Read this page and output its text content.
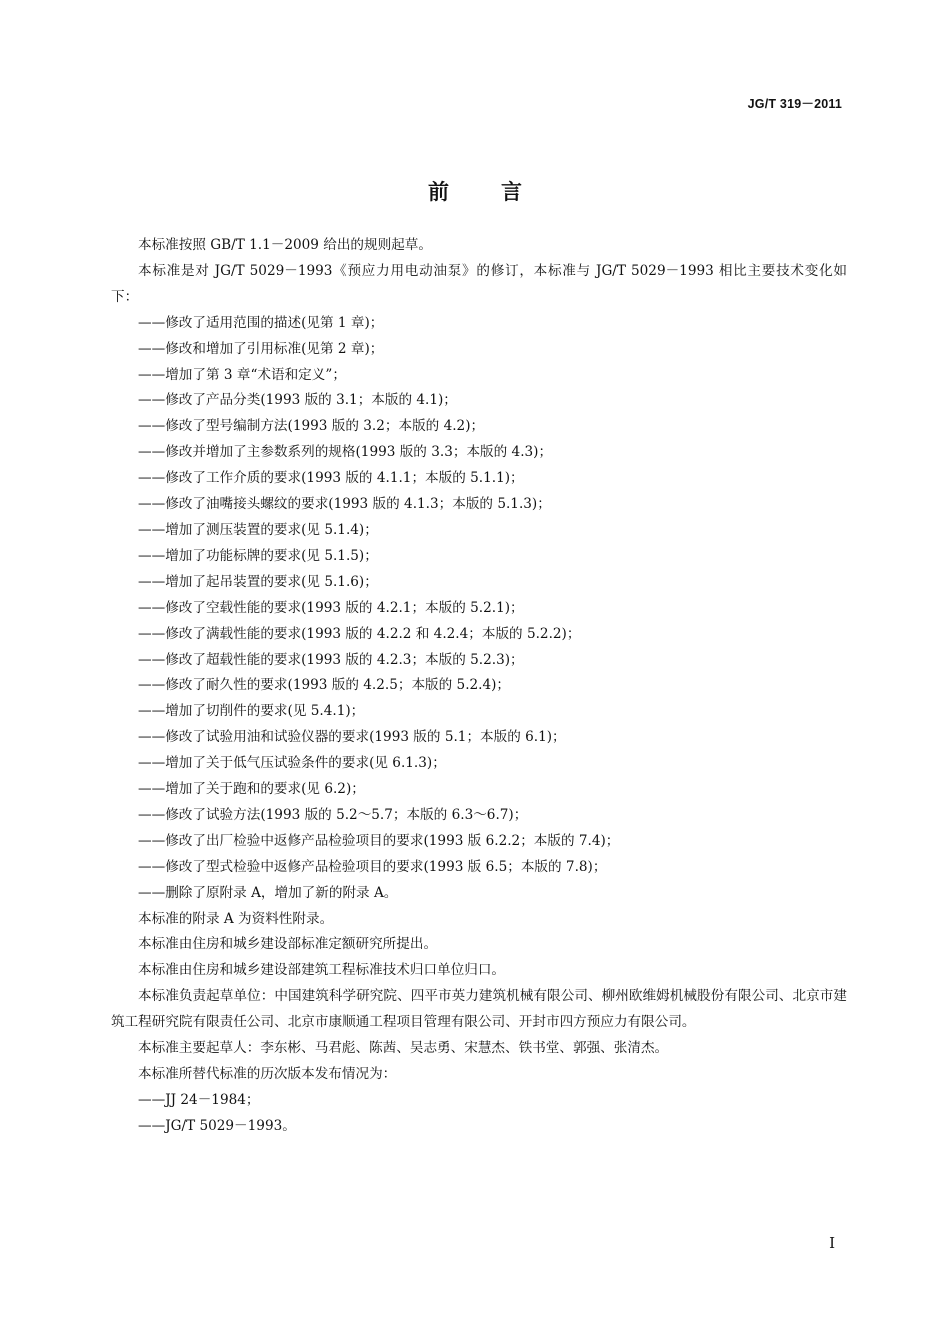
JG/T 319－2011
前言

本标准按照 GB/T 1.1－2009 给出的规则起草。

本标准是对 JG/T 5029－1993《预应力用电动油泵》的修订，本标准与 JG/T 5029－1993 相比主要技术变化如下：

——修改了适用范围的描述(见第 1 章)；

——修改和增加了引用标准(见第 2 章)；

——增加了第 3 章“术语和定义”；

——修改了产品分类(1993 版的 3.1；本版的 4.1)；

——修改了型号编制方法(1993 版的 3.2；本版的 4.2)；

——修改并增加了主参数系列的规格(1993 版的 3.3；本版的 4.3)；

——修改了工作介质的要求(1993 版的 4.1.1；本版的 5.1.1)；

——修改了油嘴接头螺纹的要求(1993 版的 4.1.3；本版的 5.1.3)；

——增加了测压装置的要求(见 5.1.4)；

——增加了功能标牌的要求(见 5.1.5)；

——增加了起吊装置的要求(见 5.1.6)；

——修改了空载性能的要求(1993 版的 4.2.1；本版的 5.2.1)；

——修改了满载性能的要求(1993 版的 4.2.2 和 4.2.4；本版的 5.2.2)；

——修改了超载性能的要求(1993 版的 4.2.3；本版的 5.2.3)；

——修改了耐久性的要求(1993 版的 4.2.5；本版的 5.2.4)；

——增加了切削件的要求(见 5.4.1)；

——修改了试验用油和试验仪器的要求(1993 版的 5.1；本版的 6.1)；

——增加了关于低气压试验条件的要求(见 6.1.3)；

——增加了关于跑和的要求(见 6.2)；

——修改了试验方法(1993 版的 5.2～5.7；本版的 6.3～6.7)；

——修改了出厂检验中返修产品检验项目的要求(1993 版 6.2.2；本版的 7.4)；

——修改了型式检验中返修产品检验项目的要求(1993 版 6.5；本版的 7.8)；

——删除了原附录 A，增加了新的附录 A。

本标准的附录 A 为资料性附录。

本标准由住房和城乡建设部标准定额研究所提出。

本标准由住房和城乡建设部建筑工程标准技术归口单位归口。

本标准负责起草单位：中国建筑科学研究院、四平市英力建筑机械有限公司、柳州欧维姆机械股份有限公司、北京市建筑工程研究院有限责任公司、北京市康顺通工程项目管理有限公司、开封市四方预应力有限公司。

本标准主要起草人：李东彬、马君彪、陈茜、吴志勇、宋慧杰、铁书堂、郭强、张清杰。

本标准所替代标准的历次版本发布情况为：

——JJ 24－1984；

——JG/T 5029－1993。

I
